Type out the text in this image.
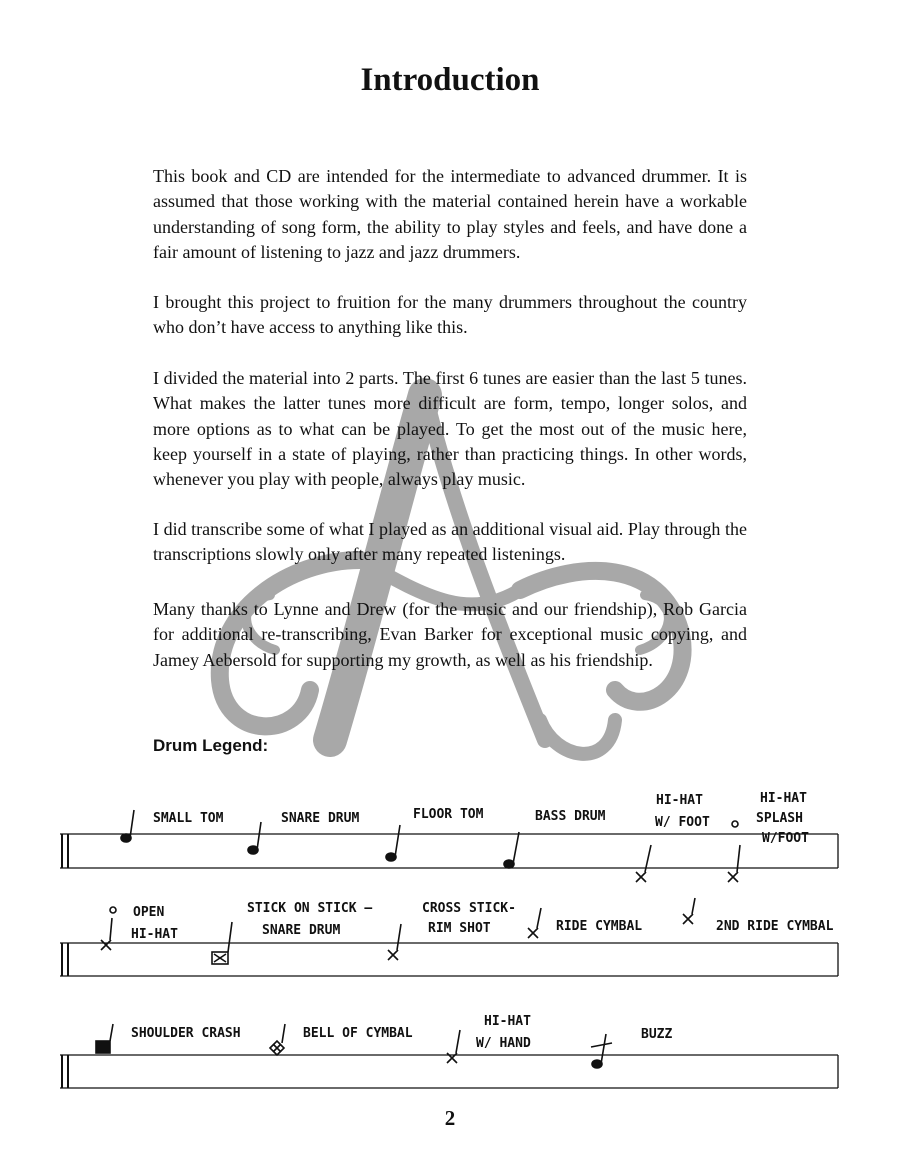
Introduction

This book and CD are intended for the intermediate to advanced drummer. It is assumed that those working with the material contained herein have a workable understanding of song form, the ability to play styles and feels, and have done a fair amount of listening to jazz and jazz drummers.

I brought this project to fruition for the many drummers throughout the country who don’t have access to anything like this.

I divided the material into 2 parts. The first 6 tunes are easier than the last 5 tunes. What makes the latter tunes more difficult are form, tempo, longer solos, and more options as to what can be played. To get the most out of the music here, keep yourself in a state of playing, rather than practicing things. In other words, whenever you play with people, always play music.

I did transcribe some of what I played as an additional visual aid. Play through the transcriptions slowly only after many repeated listenings.

Many thanks to Lynne and Drew (for the music and our friendship), Rob Garcia for additional re-transcribing, Evan Barker for exceptional music copying, and Jamey Aebersold for supporting my growth, as well as his friendship.

Drum Legend:
SMALL TOM	SNARE DRUM	FLOOR TOM	BASS DRUM
HI-HAT
W/ FOOT
HI-HAT
SPLASH
W/FOOT
OPEN
HI-HAT
STICK ON STICK –
SNARE DRUM
CROSS STICK-
RIM SHOT	RIDE CYMBAL	2ND RIDE CYMBAL
SHOULDER CRASH	BELL OF CYMBAL
HI-HAT
W/ HAND
BUZZ
2
